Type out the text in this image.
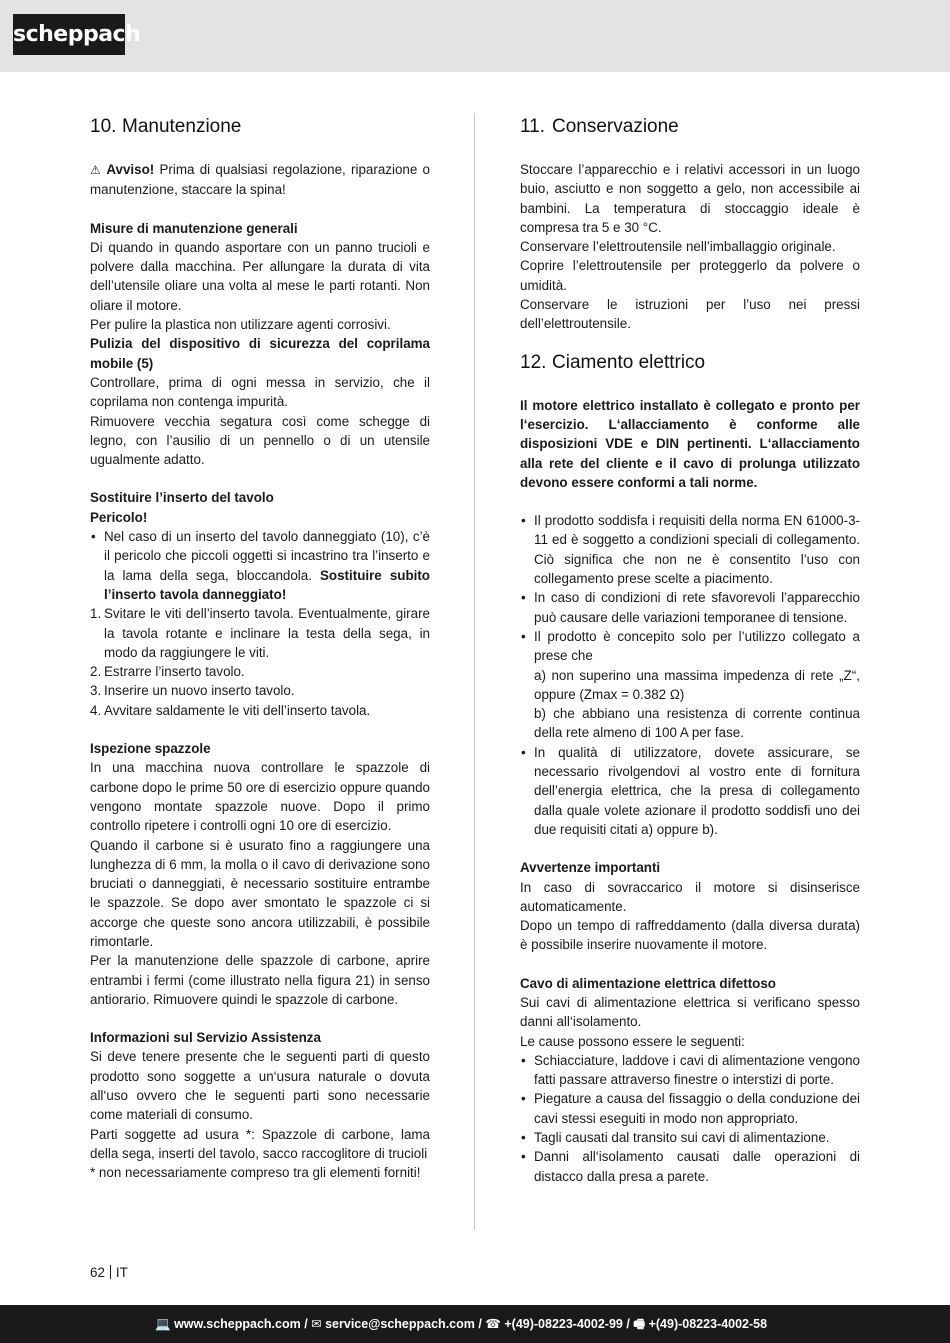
scheppach
10. Manutenzione

⚠ Avviso! Prima di qualsiasi regolazione, riparazione o manutenzione, staccare la spina!

Misure di manutenzione generali

Di quando in quando asportare con un panno trucioli e polvere dalla macchina. Per allungare la durata di vita dell’utensile oliare una volta al mese le parti rotanti. Non oliare il motore.

Per pulire la plastica non utilizzare agenti corrosivi.

Pulizia del dispositivo di sicurezza del coprilama mobile (5)

Controllare, prima di ogni messa in servizio, che il coprilama non contenga impurità.

Rimuovere vecchia segatura così come schegge di legno, con l’ausilio di un pennello o di un utensile ugualmente adatto.

Sostituire l’inserto del tavolo

Pericolo!

• Nel caso di un inserto del tavolo danneggiato (10), c’è il pericolo che piccoli oggetti si incastrino tra l’inserto e la lama della sega, bloccandola. Sostituire subito l’inserto tavola danneggiato!
1. Svitare le viti dell’inserto tavola. Eventualmente, girare la tavola rotante e inclinare la testa della sega, in modo da raggiungere le viti.
2. Estrarre l’inserto tavolo.
3. Inserire un nuovo inserto tavolo.
4. Avvitare saldamente le viti dell’inserto tavola.

Ispezione spazzole

In una macchina nuova controllare le spazzole di carbone dopo le prime 50 ore di esercizio oppure quando vengono montate spazzole nuove. Dopo il primo controllo ripetere i controlli ogni 10 ore di esercizio.

Quando il carbone si è usurato fino a raggiungere una lunghezza di 6 mm, la molla o il cavo di derivazione sono bruciati o danneggiati, è necessario sostituire entrambe le spazzole. Se dopo aver smontato le spazzole ci si accorge che queste sono ancora utilizzabili, è possibile rimontarle.

Per la manutenzione delle spazzole di carbone, aprire entrambi i fermi (come illustrato nella figura 21) in senso antiorario. Rimuovere quindi le spazzole di carbone.

Informazioni sul Servizio Assistenza

Si deve tenere presente che le seguenti parti di questo prodotto sono soggette a un‘usura naturale o dovuta all‘uso ovvero che le seguenti parti sono necessarie come materiali di consumo.

Parti soggette ad usura *: Spazzole di carbone, lama della sega, inserti del tavolo, sacco raccoglitore di trucioli

* non necessariamente compreso tra gli elementi forniti!

11. Conservazione

Stoccare l’apparecchio e i relativi accessori in un luogo buio, asciutto e non soggetto a gelo, non accessibile ai bambini. La temperatura di stoccaggio ideale è compresa tra 5 e 30 °C.

Conservare l’elettroutensile nell’imballaggio originale.

Coprire l’elettroutensile per proteggerlo da polvere o umidità.

Conservare le istruzioni per l’uso nei pressi dell’elettroutensile.

12. Ciamento elettrico

Il motore elettrico installato è collegato e pronto per l‘esercizio. L‘allacciamento è conforme alle disposizioni VDE e DIN pertinenti. L‘allacciamento alla rete del cliente e il cavo di prolunga utilizzato devono essere conformi a tali norme.

• Il prodotto soddisfa i requisiti della norma EN 61000-3-11 ed è soggetto a condizioni speciali di collegamento. Ciò significa che non ne è consentito l’uso con collegamento prese scelte a piacimento.
• In caso di condizioni di rete sfavorevoli l’apparecchio può causare delle variazioni temporanee di tensione.
• Il prodotto è concepito solo per l’utilizzo collegato a prese che
a) non superino una massima impedenza di rete „Z“, oppure (Zmax = 0.382 Ω)
b) che abbiano una resistenza di corrente continua della rete almeno di 100 A per fase.
• In qualità di utilizzatore, dovete assicurare, se necessario rivolgendovi al vostro ente di fornitura dell’energia elettrica, che la presa di collegamento dalla quale volete azionare il prodotto soddisfi uno dei due requisiti citati a) oppure b).

Avvertenze importanti

In caso di sovraccarico il motore si disinserisce automaticamente.

Dopo un tempo di raffreddamento (dalla diversa durata) è possibile inserire nuovamente il motore.

Cavo di alimentazione elettrica difettoso

Sui cavi di alimentazione elettrica si verificano spesso danni all‘isolamento.

Le cause possono essere le seguenti:

• Schiacciature, laddove i cavi di alimentazione vengono fatti passare attraverso finestre o interstizi di porte.
• Piegature a causa del fissaggio o della conduzione dei cavi stessi eseguiti in modo non appropriato.
• Tagli causati dal transito sui cavi di alimentazione.
• Danni all‘isolamento causati dalle operazioni di distacco dalla presa a parete.
62 IT
💻 www.scheppach.com / ✉ service@scheppach.com / ☎ +(49)-08223-4002-99 / 🖷 +(49)-08223-4002-58
